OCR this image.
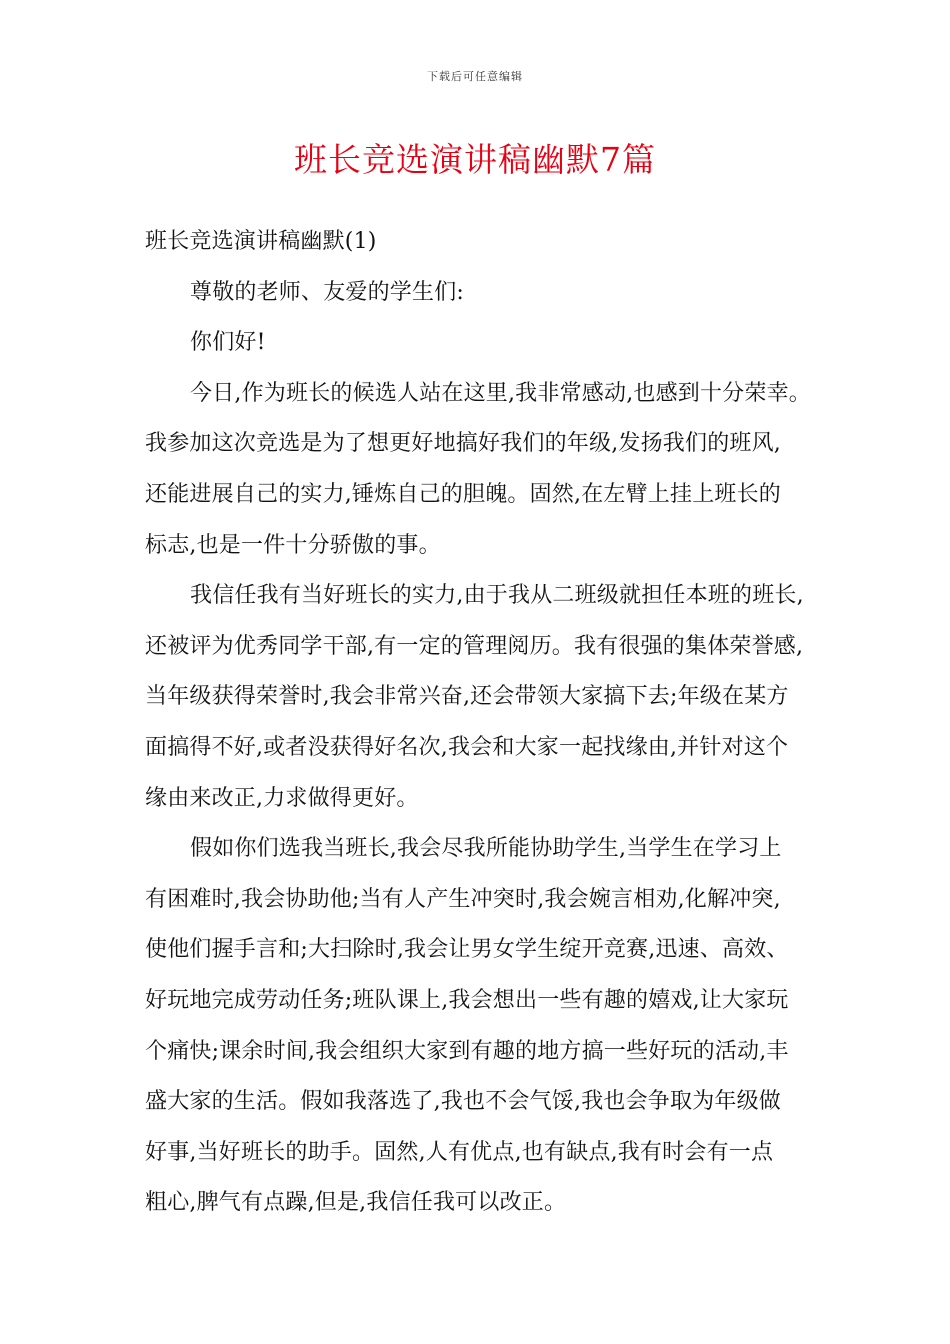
下载后可任意编辑
班长竞选演讲稿幽默7篇
班长竞选演讲稿幽默(1)
尊敬的老师、友爱的学生们:
你们好!
今日,作为班长的候选人站在这里,我非常感动,也感到十分荣幸。
我参加这次竞选是为了想更好地搞好我们的年级,发扬我们的班风,
还能进展自己的实力,锤炼自己的胆魄。固然,在左臂上挂上班长的
标志,也是一件十分骄傲的事。
我信任我有当好班长的实力,由于我从二班级就担任本班的班长,
还被评为优秀同学干部,有一定的管理阅历。我有很强的集体荣誉感,
当年级获得荣誉时,我会非常兴奋,还会带领大家搞下去;年级在某方
面搞得不好,或者没获得好名次,我会和大家一起找缘由,并针对这个
缘由来改正,力求做得更好。
假如你们选我当班长,我会尽我所能协助学生,当学生在学习上
有困难时,我会协助他;当有人产生冲突时,我会婉言相劝,化解冲突,
使他们握手言和;大扫除时,我会让男女学生绽开竞赛,迅速、高效、
好玩地完成劳动任务;班队课上,我会想出一些有趣的嬉戏,让大家玩
个痛快;课余时间,我会组织大家到有趣的地方搞一些好玩的活动,丰
盛大家的生活。假如我落选了,我也不会气馁,我也会争取为年级做
好事,当好班长的助手。固然,人有优点,也有缺点,我有时会有一点
粗心,脾气有点躁,但是,我信任我可以改正。
